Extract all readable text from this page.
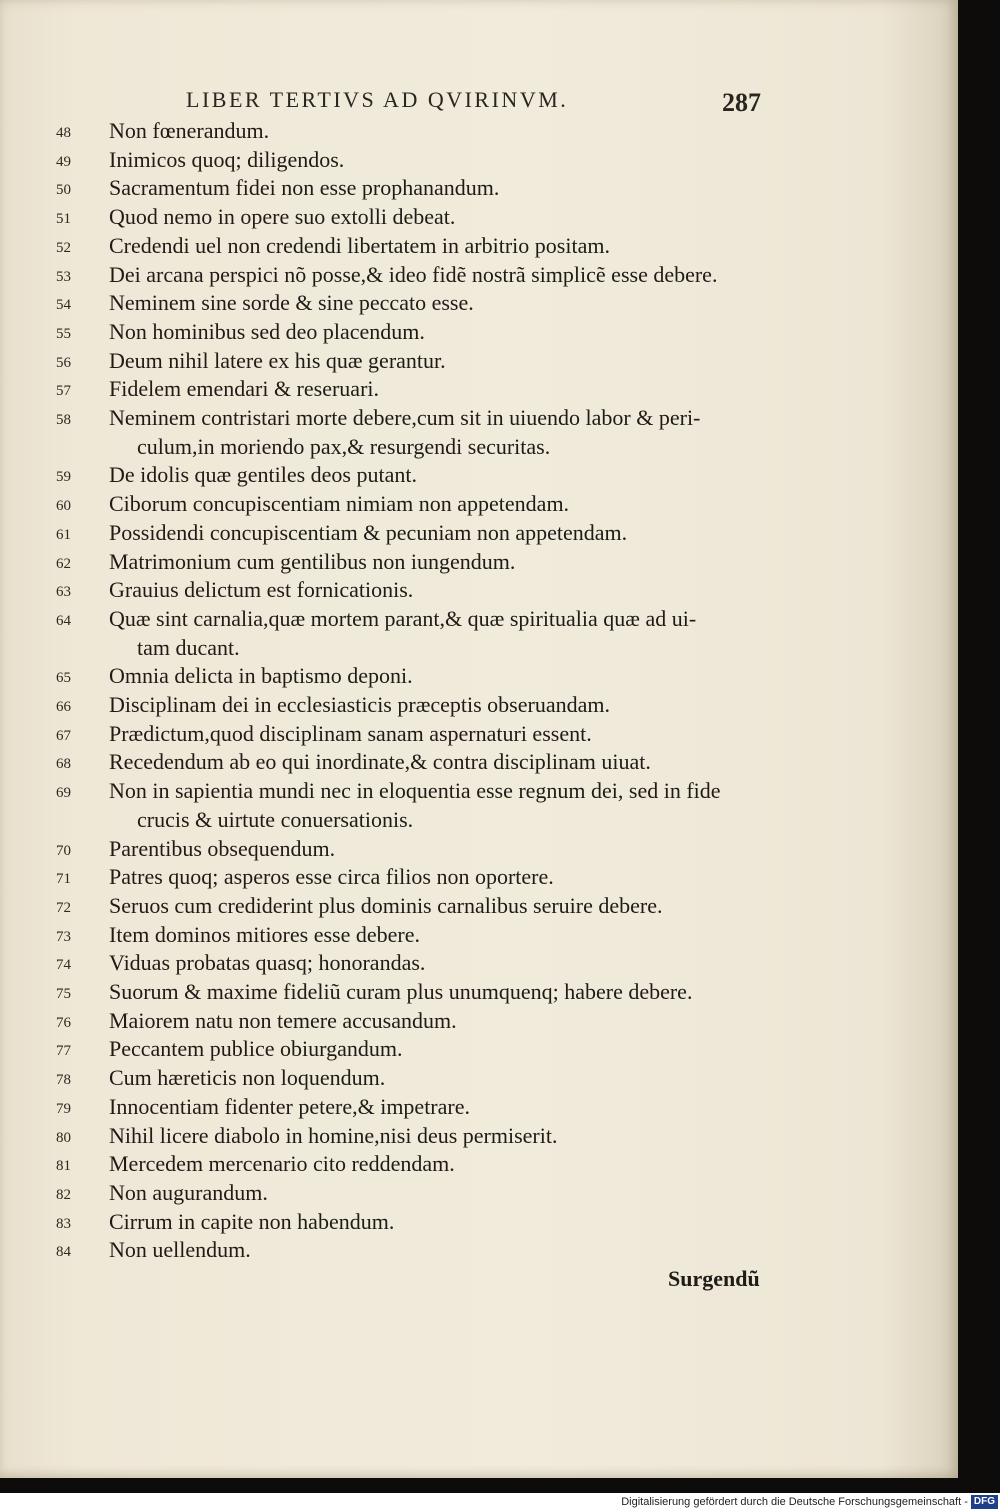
LIBER TERTIVS AD QVIRINVM.	287
48	Non fœnerandum.
49	Inimicos quoq; diligendos.
50	Sacramentum fidei non esse prophanandum.
51	Quod nemo in opere suo extolli debeat.
52	Credendi uel non credendi libertatem in arbitrio positam.
53	Dei arcana perspici nõ posse,& ideo fidẽ nostrã simplicẽ esse debere.
54	Neminem sine sorde & sine peccato esse.
55	Non hominibus sed deo placendum.
56	Deum nihil latere ex his quæ gerantur.
57	Fidelem emendari & reseruari.
58	Neminem contristari morte debere,cum sit in uiuendo labor & peri-
culum,in moriendo pax,& resurgendi securitas.
59	De idolis quæ gentiles deos putant.
60	Ciborum concupiscentiam nimiam non appetendam.
61	Possidendi concupiscentiam & pecuniam non appetendam.
62	Matrimonium cum gentilibus non iungendum.
63	Grauius delictum est fornicationis.
64	Quæ sint carnalia,quæ mortem parant,& quæ spiritualia quæ ad ui-
tam ducant.
65	Omnia delicta in baptismo deponi.
66	Disciplinam dei in ecclesiasticis præceptis obseruandam.
67	Prædictum,quod disciplinam sanam aspernaturi essent.
68	Recedendum ab eo qui inordinate,& contra disciplinam uiuat.
69	Non in sapientia mundi nec in eloquentia esse regnum dei, sed in fide
crucis & uirtute conuersationis.
70	Parentibus obsequendum.
71	Patres quoq; asperos esse circa filios non oportere.
72	Seruos cum crediderint plus dominis carnalibus seruire debere.
73	Item dominos mitiores esse debere.
74	Viduas probatas quasq; honorandas.
75	Suorum & maxime fideliũ curam plus unumquenq; habere debere.
76	Maiorem natu non temere accusandum.
77	Peccantem publice obiurgandum.
78	Cum hæreticis non loquendum.
79	Innocentiam fidenter petere,& impetrare.
80	Nihil licere diabolo in homine,nisi deus permiserit.
81	Mercedem mercenario cito reddendam.
82	Non augurandum.
83	Cirrum in capite non habendum.
84	Non uellendum.
Surgendũ
Digitalisierung gefördert durch die Deutsche Forschungsgemeinschaft - DFG
